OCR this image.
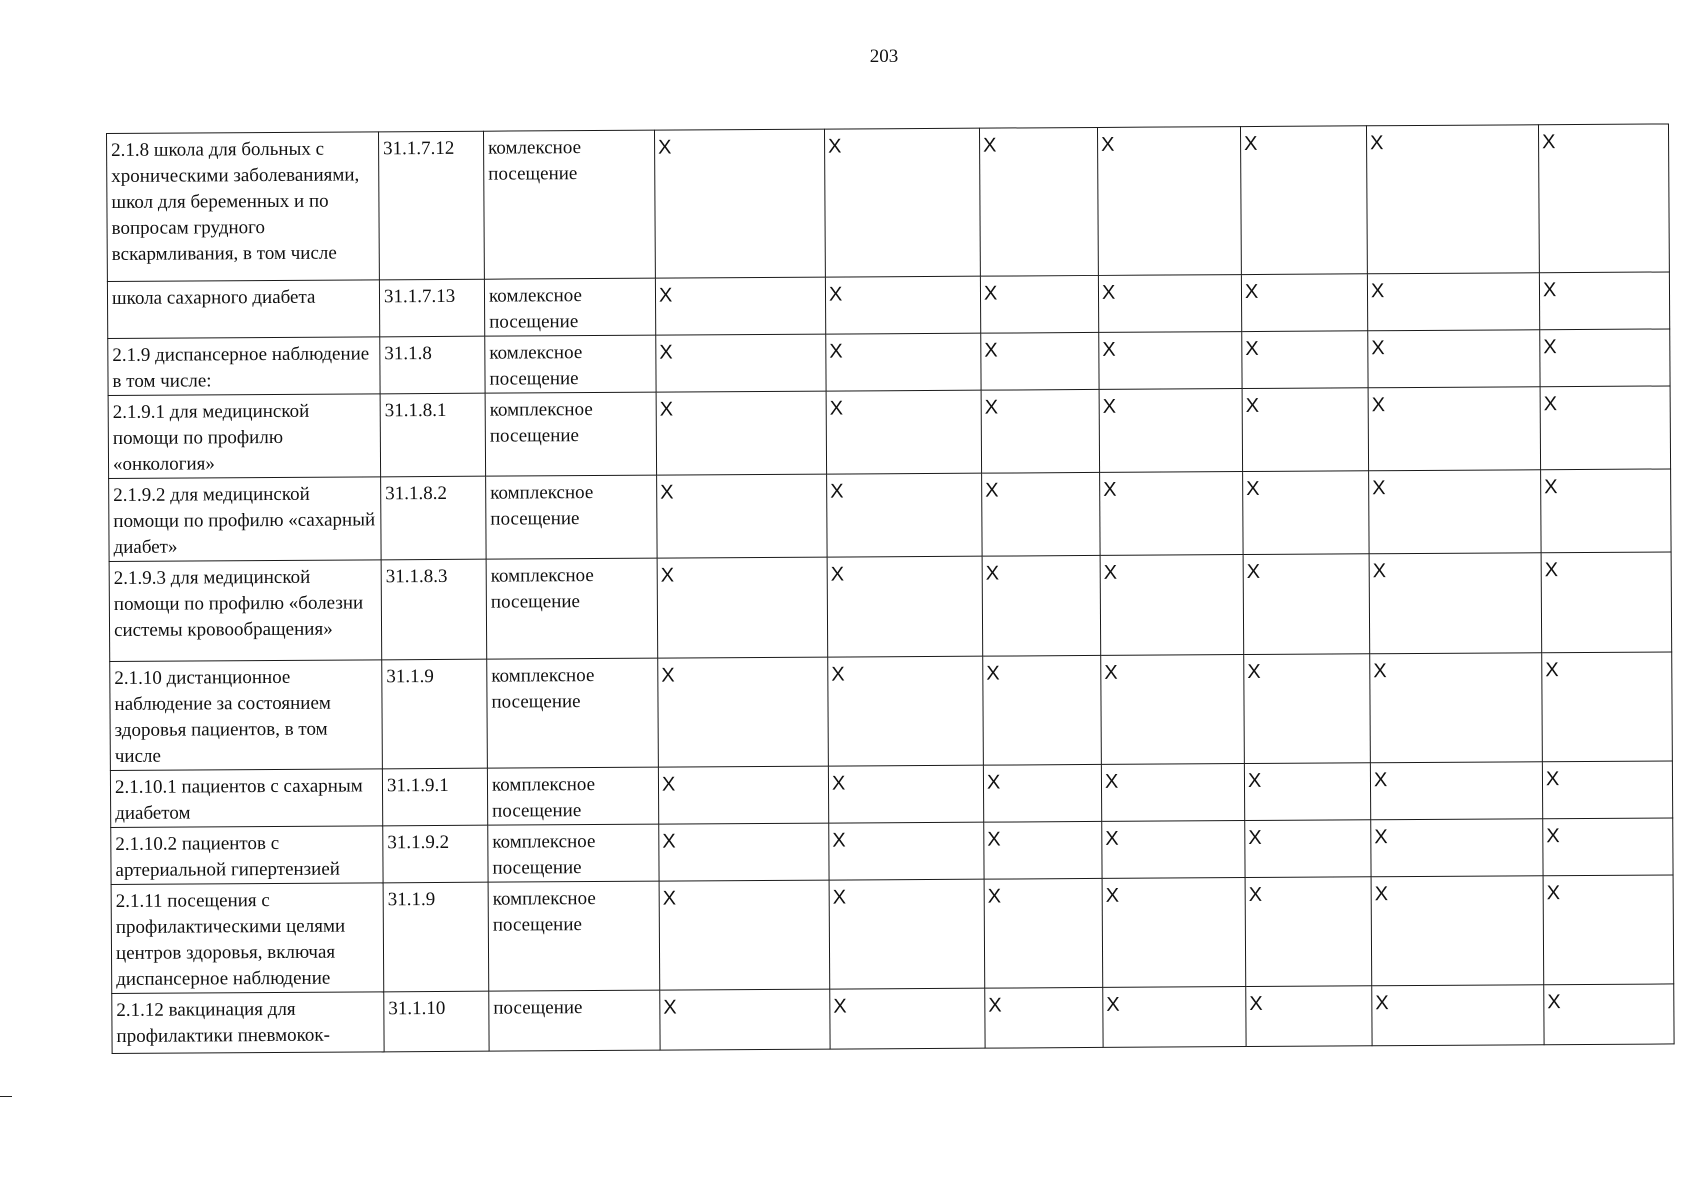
203
2.1.8 школа для больных с хроническими заболеваниями, школ для беременных и по вопросам грудного вскармливания, в том числе	31.1.7.12	комлексное посещение	X	X	X	X	X	X	X
школа сахарного диабета	31.1.7.13	комлексное посещение	X	X	X	X	X	X	X
2.1.9 диспансерное наблюдение в том числе:	31.1.8	комлексное посещение	X	X	X	X	X	X	X
2.1.9.1 для медицинской помощи по профилю «онкология»	31.1.8.1	комплексное посещение	X	X	X	X	X	X	X
2.1.9.2 для медицинской помощи по профилю «сахарный диабет»	31.1.8.2	комплексное посещение	X	X	X	X	X	X	X
2.1.9.3 для медицинской помощи по профилю «болезни системы кровообращения»	31.1.8.3	комплексное посещение	X	X	X	X	X	X	X
2.1.10 дистанционное наблюдение за состоянием здоровья пациентов, в том числе	31.1.9	комплексное посещение	X	X	X	X	X	X	X
2.1.10.1 пациентов с сахарным диабетом	31.1.9.1	комплексное посещение	X	X	X	X	X	X	X
2.1.10.2 пациентов с артериальной гипертензией	31.1.9.2	комплексное посещение	X	X	X	X	X	X	X
2.1.11 посещения с профилактическими целями центров здоровья, включая диспансерное наблюдение	31.1.9	комплексное посещение	X	X	X	X	X	X	X
2.1.12 вакцинация для профилактики пневмокок-	31.1.10	посещение	X	X	X	X	X	X	X
